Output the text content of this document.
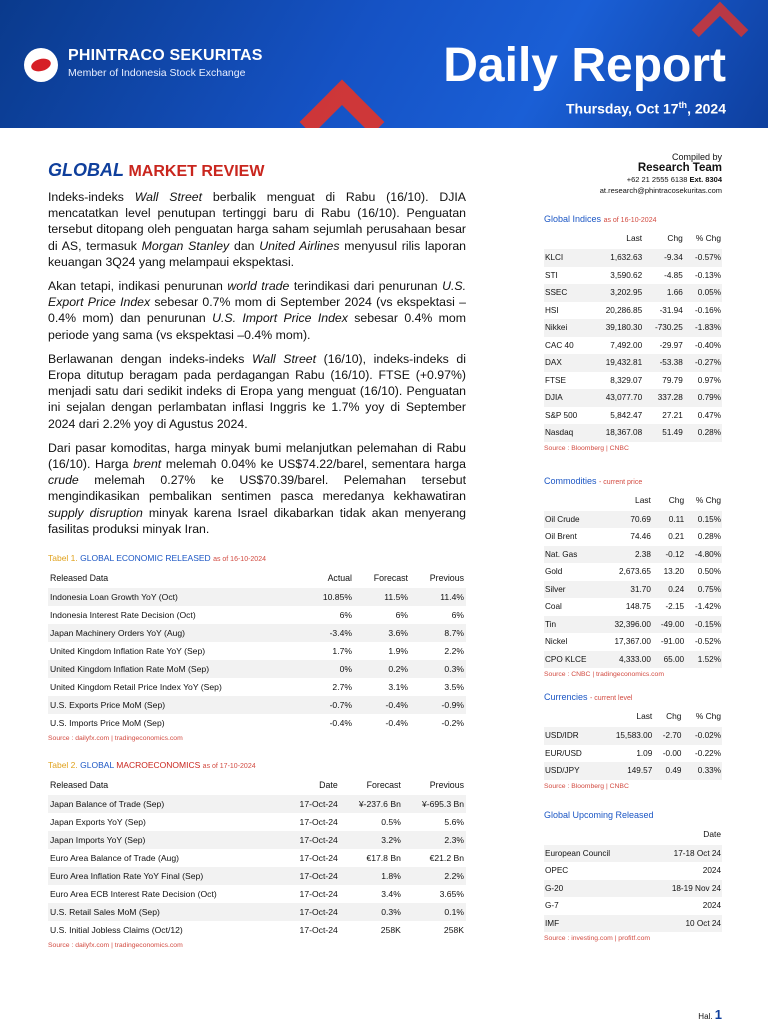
PHINTRACO SEKURITAS
Member of Indonesia Stock Exchange	Daily Report
Thursday, Oct 17th, 2024
GLOBAL MARKET REVIEW

Indeks-indeks Wall Street berbalik menguat di Rabu (16/10). DJIA mencatatkan level penutupan tertinggi baru di Rabu (16/10). Penguatan tersebut ditopang oleh penguatan harga saham sejumlah perusahaan besar di AS, termasuk Morgan Stanley dan United Airlines menyusul rilis laporan keuangan 3Q24 yang melampaui ekspektasi.

Akan tetapi, indikasi penurunan world trade terindikasi dari penurunan U.S. Export Price Index sebesar 0.7% mom di September 2024 (vs ekspektasi –0.4% mom) dan penurunan U.S. Import Price Index sebesar 0.4% mom periode yang sama (vs ekspektasi –0.4% mom).

Berlawanan dengan indeks-indeks Wall Street (16/10), indeks-indeks di Eropa ditutup beragam pada perdagangan Rabu (16/10). FTSE (+0.97%) menjadi satu dari sedikit indeks di Eropa yang menguat (16/10). Penguatan ini sejalan dengan perlambatan inflasi Inggris ke 1.7% yoy di September 2024 dari 2.2% yoy di Agustus 2024.

Dari pasar komoditas, harga minyak bumi melanjutkan pelemahan di Rabu (16/10). Harga brent melemah 0.04% ke US$74.22/barel, sementara harga crude melemah 0.27% ke US$70.39/barel. Pelemahan tersebut mengindikasikan pembalikan sentimen pasca meredanya kekhawatiran supply disruption minyak karena Israel dikabarkan tidak akan menyerang fasilitas produksi minyak Iran.

Tabel 1. GLOBAL ECONOMIC RELEASED as of 16-10-2024
Released Data	Actual	Forecast	Previous
Indonesia Loan Growth YoY (Oct)	10.85%	11.5%	11.4%
Indonesia Interest Rate Decision (Oct)	6%	6%	6%
Japan Machinery Orders YoY (Aug)	-3.4%	3.6%	8.7%
United Kingdom Inflation Rate YoY (Sep)	1.7%	1.9%	2.2%
United Kingdom Inflation Rate MoM (Sep)	0%	0.2%	0.3%
United Kingdom Retail Price Index YoY (Sep)	2.7%	3.1%	3.5%
U.S. Exports Price MoM (Sep)	-0.7%	-0.4%	-0.9%
U.S. Imports Price MoM (Sep)	-0.4%	-0.4%	-0.2%
Source : dailyfx.com | tradingeconomics.com
Tabel 2. GLOBAL MACROECONOMICS as of 17-10-2024
Released Data	Date	Forecast	Previous
Japan Balance of Trade (Sep)	17-Oct-24	¥-237.6 Bn	¥-695.3 Bn
Japan Exports YoY (Sep)	17-Oct-24	0.5%	5.6%
Japan Imports YoY (Sep)	17-Oct-24	3.2%	2.3%
Euro Area Balance of Trade (Aug)	17-Oct-24	€17.8 Bn	€21.2 Bn
Euro Area Inflation Rate YoY Final (Sep)	17-Oct-24	1.8%	2.2%
Euro Area ECB Interest Rate Decision (Oct)	17-Oct-24	3.4%	3.65%
U.S. Retail Sales MoM (Sep)	17-Oct-24	0.3%	0.1%
U.S. Initial Jobless Claims (Oct/12)	17-Oct-24	258K	258K
Source : dailyfx.com | tradingeconomics.com
Compiled by
Research Team
+62 21 2555 6138 Ext. 8304
at.research@phintracosekuritas.com
Global Indices as of 16-10-2024
	Last	Chg	% Chg
KLCI	1,632.63	-9.34	-0.57%
STI	3,590.62	-4.85	-0.13%
SSEC	3,202.95	1.66	0.05%
HSI	20,286.85	-31.94	-0.16%
Nikkei	39,180.30	-730.25	-1.83%
CAC 40	7,492.00	-29.97	-0.40%
DAX	19,432.81	-53.38	-0.27%
FTSE	8,329.07	79.79	0.97%
DJIA	43,077.70	337.28	0.79%
S&P 500	5,842.47	27.21	0.47%
Nasdaq	18,367.08	51.49	0.28%
Source : Bloomberg | CNBC
Commodities - current price
	Last	Chg	% Chg
Oil Crude	70.69	0.11	0.15%
Oil Brent	74.46	0.21	0.28%
Nat. Gas	2.38	-0.12	-4.80%
Gold	2,673.65	13.20	0.50%
Silver	31.70	0.24	0.75%
Coal	148.75	-2.15	-1.42%
Tin	32,396.00	-49.00	-0.15%
Nickel	17,367.00	-91.00	-0.52%
CPO KLCE	4,333.00	65.00	1.52%
Source : CNBC | tradingeconomics.com
Currencies - current level
	Last	Chg	% Chg
USD/IDR	15,583.00	-2.70	-0.02%
EUR/USD	1.09	-0.00	-0.22%
USD/JPY	149.57	0.49	0.33%
Source : Bloomberg | CNBC
Global Upcoming Released
	Date
European Council	17-18 Oct 24
OPEC	2024
G-20	18-19 Nov 24
G-7	2024
IMF	10 Oct 24
Source : investing.com | profitf.com
Hal. 1
